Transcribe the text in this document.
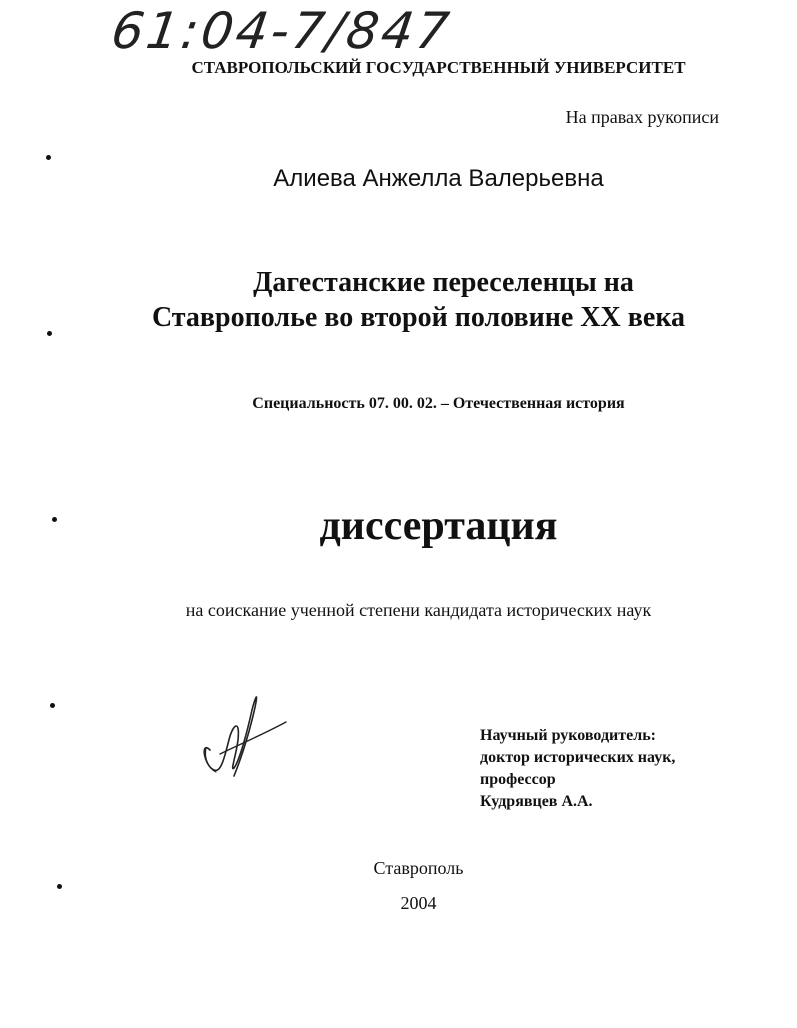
61:04-7/847
СТАВРОПОЛЬСКИЙ ГОСУДАРСТВЕННЫЙ УНИВЕРСИТЕТ
На правах рукописи
Алиева Анжелла Валерьевна
Дагестанские переселенцы на
Ставрополье во второй половине XX века
Специальность 07. 00. 02. – Отечественная история
диссертация
на соискание ученной степени кандидата исторических наук
Научный руководитель:
доктор исторических наук,
профессор
Кудрявцев А.А.
Ставрополь
2004
